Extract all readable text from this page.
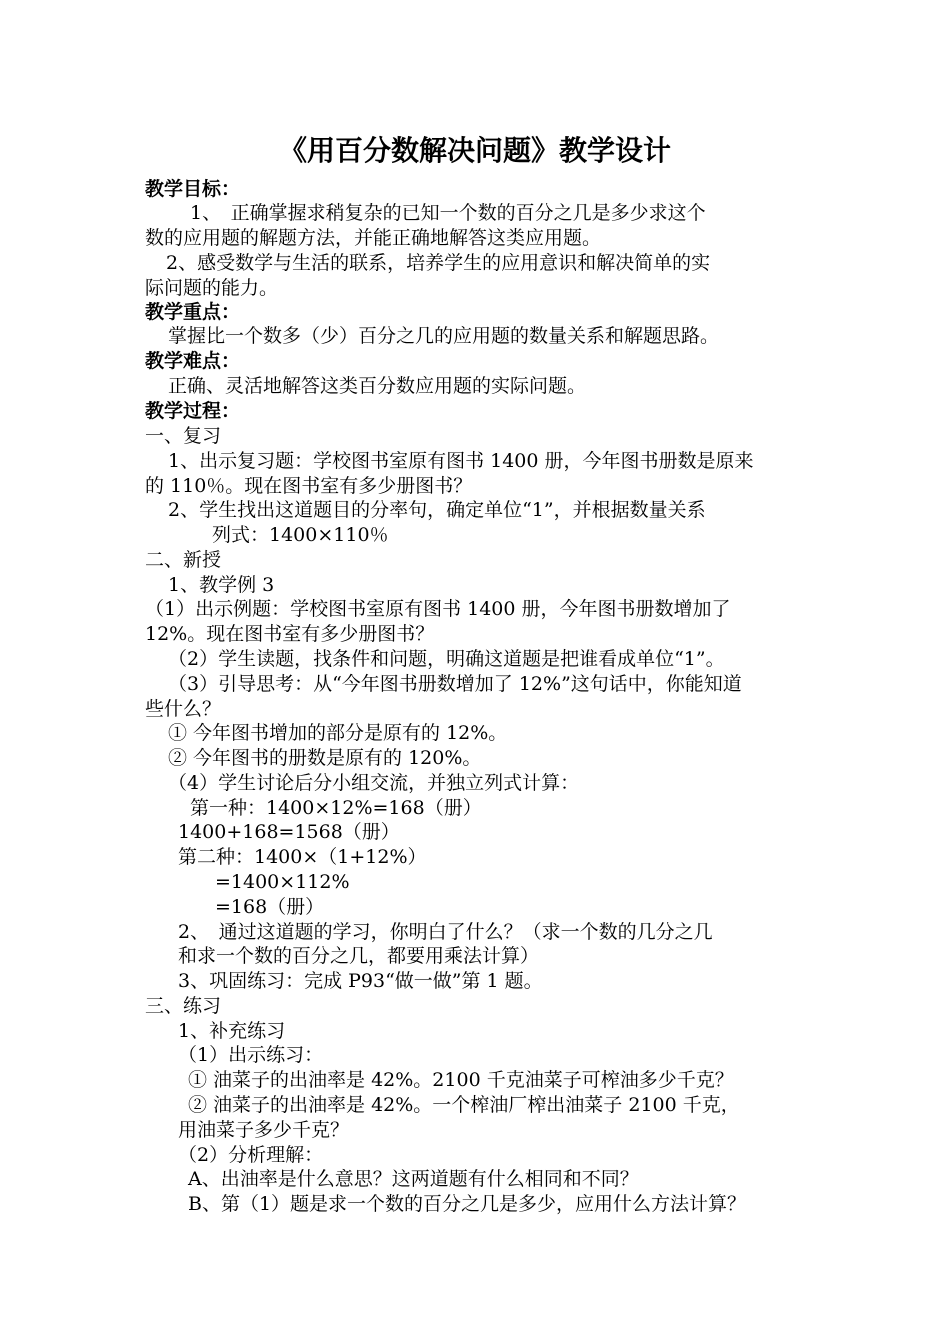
《用百分数解决问题》教学设计
教学目标：
1、　正确掌握求稍复杂的已知一个数的百分之几是多少求这个
数的应用题的解题方法，并能正确地解答这类应用题。
2、感受数学与生活的联系，培养学生的应用意识和解决简单的实
际问题的能力。
教学重点：
掌握比一个数多（少）百分之几的应用题的数量关系和解题思路。
教学难点：
正确、灵活地解答这类百分数应用题的实际问题。
教学过程：
一、复习
1、出示复习题：学校图书室原有图书 1400 册，今年图书册数是原来
的 110％。现在图书室有多少册图书？
2、学生找出这道题目的分率句，确定单位“1”，并根据数量关系
列式：1400×110％
二、新授
1、教学例 3
（1）出示例题：学校图书室原有图书 1400 册，今年图书册数增加了
12%。现在图书室有多少册图书？
（2）学生读题，找条件和问题，明确这道题是把谁看成单位“1”。
（3）引导思考：从“今年图书册数增加了 12%”这句话中，你能知道
些什么？
① 今年图书增加的部分是原有的 12%。
② 今年图书的册数是原有的 120%。
（4）学生讨论后分小组交流，并独立列式计算：
第一种：1400×12%=168（册）
1400+168=1568（册）
第二种：1400×（1+12%）
=1400×112%
=168（册）
2、　通过这道题的学习，你明白了什么？（求一个数的几分之几
和求一个数的百分之几，都要用乘法计算）
3、巩固练习：完成 P93“做一做”第 1 题。
三、练习
1、补充练习
（1）出示练习：
① 油菜子的出油率是 42%。2100 千克油菜子可榨油多少千克？
② 油菜子的出油率是 42%。一个榨油厂榨出油菜子 2100 千克，
用油菜子多少千克？
（2）分析理解：
A、出油率是什么意思？这两道题有什么相同和不同？
B、第（1）题是求一个数的百分之几是多少，应用什么方法计算？
